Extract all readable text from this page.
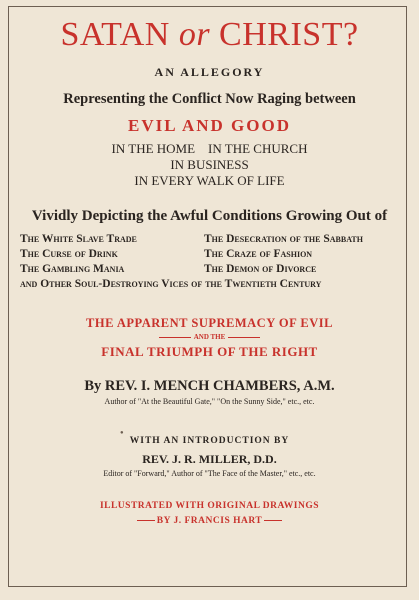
SATAN or CHRIST?
AN ALLEGORY
Representing the Conflict Now Raging between
EVIL AND GOOD
IN THE HOME    IN THE CHURCH
IN BUSINESS
IN EVERY WALK OF LIFE
Vividly Depicting the Awful Conditions Growing Out of
The White Slave Trade	The Desecration of the Sabbath
The Curse of Drink	The Craze of Fashion
The Gambling Mania	The Demon of Divorce
and Other Soul-Destroying Vices of the Twentieth Century
THE APPARENT SUPREMACY OF EVIL
AND THE
FINAL TRIUMPH OF THE RIGHT
By REV. I. MENCH CHAMBERS, A.M.
Author of "At the Beautiful Gate," "On the Sunny Side," etc., etc.
●
WITH AN INTRODUCTION BY
REV. J. R. MILLER, D.D.
Editor of "Forward," Author of "The Face of the Master," etc., etc.
ILLUSTRATED WITH ORIGINAL DRAWINGS
BY J. FRANCIS HART
